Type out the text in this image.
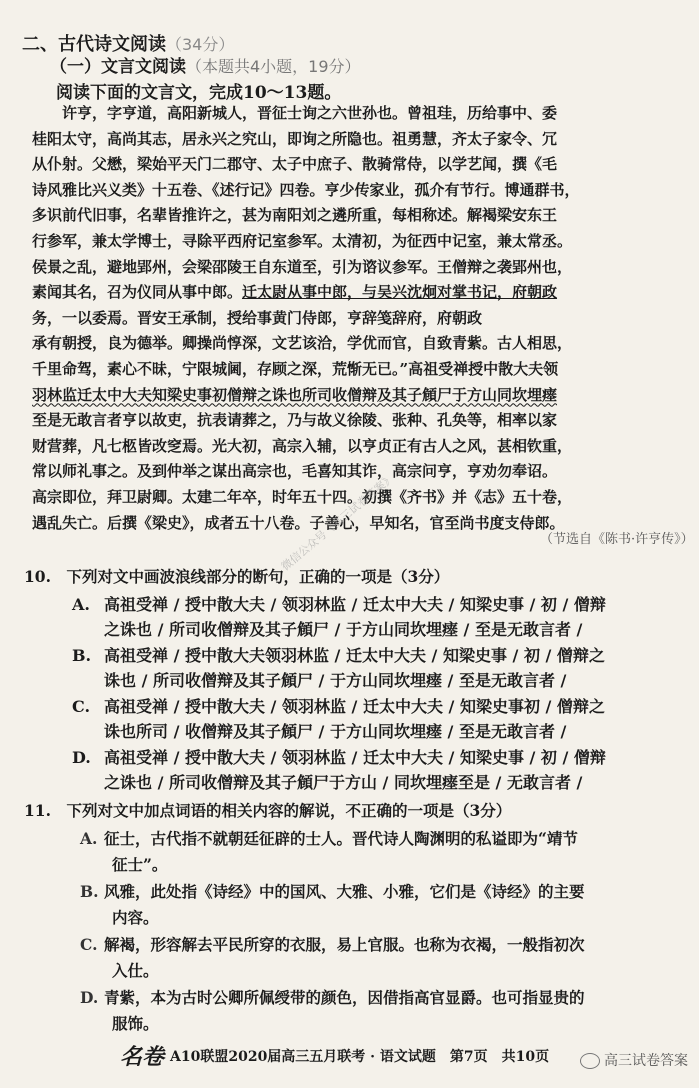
二、古代诗文阅读（34分）
（一）文言文阅读（本题共4小题，19分）
阅读下面的文言文，完成10～13题。
　　许亨，字亨道，高阳新城人，晋征士询之六世孙也。曾祖珪，历给事中、委
桂阳太守，高尚其志，居永兴之究山，即询之所隐也。祖勇慧，齐太子家令、冗
从仆射。父懋，梁始平天门二郡守、太子中庶子、散骑常侍，以学艺闻，撰《毛
诗风雅比兴义类》十五卷、《述行记》四卷。亨少传家业，孤介有节行。博通群书，
多识前代旧事，名辈皆推许之，甚为南阳刘之遴所重，每相称述。解褐梁安东王
行参军，兼太学博士，寻除平西府记室参军。太清初，为征西中记室，兼太常丞。
侯景之乱，避地郢州，会梁邵陵王自东道至，引为谘议参军。王僧辩之袭郢州也，
素闻其名，召为仪同从事中郎。迁太尉从事中郎，与吴兴沈炯对掌书记，府朝政
务，一以委焉。晋安王承制，授给事黄门侍郎，亨辞笺辞府，府朝政
承有朝授，良为德举。卿操尚惇深，文艺该洽，学优而官，自致青紫。古人相思，
千里命驾，素心不昧，宁限城阃，存顾之深，荒惭无已。”高祖受禅授中散大夫领
羽林监迁太中大夫知梁史事初僧辩之诛也所司收僧辩及其子頠尸于方山同坎埋瘗
至是无敢言者亨以故吏，抗表请葬之，乃与故义徐陵、张种、孔奂等，相率以家
财营葬，凡七柩皆改窆焉。光大初，高宗入辅，以亨贞正有古人之风，甚相钦重，
常以师礼事之。及到仲举之谋出高宗也，毛喜知其诈，高宗问亨，亨劝勿奉诏。
高宗即位，拜卫尉卿。太建二年卒，时年五十四。初撰《齐书》并《志》五十卷，
遇乱失亡。后撰《梁史》，成者五十八卷。子善心，早知名，官至尚书度支侍郎。
（节选自《陈书·许亨传》）
微信公众号《高三试卷答案》
10.　下列对文中画波浪线部分的断句，正确的一项是（3分）
A. 高祖受禅 / 授中散大夫 / 领羽林监 / 迁太中大夫 / 知梁史事 / 初 / 僧辩
之诛也 / 所司收僧辩及其子頠尸 / 于方山同坎埋瘗 / 至是无敢言者 /
B. 高祖受禅 / 授中散大夫领羽林监 / 迁太中大夫 / 知梁史事 / 初 / 僧辩之
诛也 / 所司收僧辩及其子頠尸 / 于方山同坎埋瘗 / 至是无敢言者 /
C. 高祖受禅 / 授中散大夫 / 领羽林监 / 迁太中大夫 / 知梁史事初 / 僧辩之
诛也所司 / 收僧辩及其子頠尸 / 于方山同坎埋瘗 / 至是无敢言者 /
D. 高祖受禅 / 授中散大夫 / 领羽林监 / 迁太中大夫 / 知梁史事 / 初 / 僧辩
之诛也 / 所司收僧辩及其子頠尸于方山 / 同坎埋瘗至是 / 无敢言者 /
11.　下列对文中加点词语的相关内容的解说，不正确的一项是（3分）
A. 征士，古代指不就朝廷征辟的士人。晋代诗人陶渊明的私谥即为“靖节
征士”。
B. 风雅，此处指《诗经》中的国风、大雅、小雅，它们是《诗经》的主要
内容。
C. 解褐，形容解去平民所穿的衣服，易上官服。也称为衣褐，一般指初次
入仕。
D. 青紫，本为古时公卿所佩绶带的颜色，因借指高官显爵。也可指显贵的
服饰。
名卷 A10联盟2020届高三五月联考 · 语文试题　第7页　共10页	高三试卷答案
